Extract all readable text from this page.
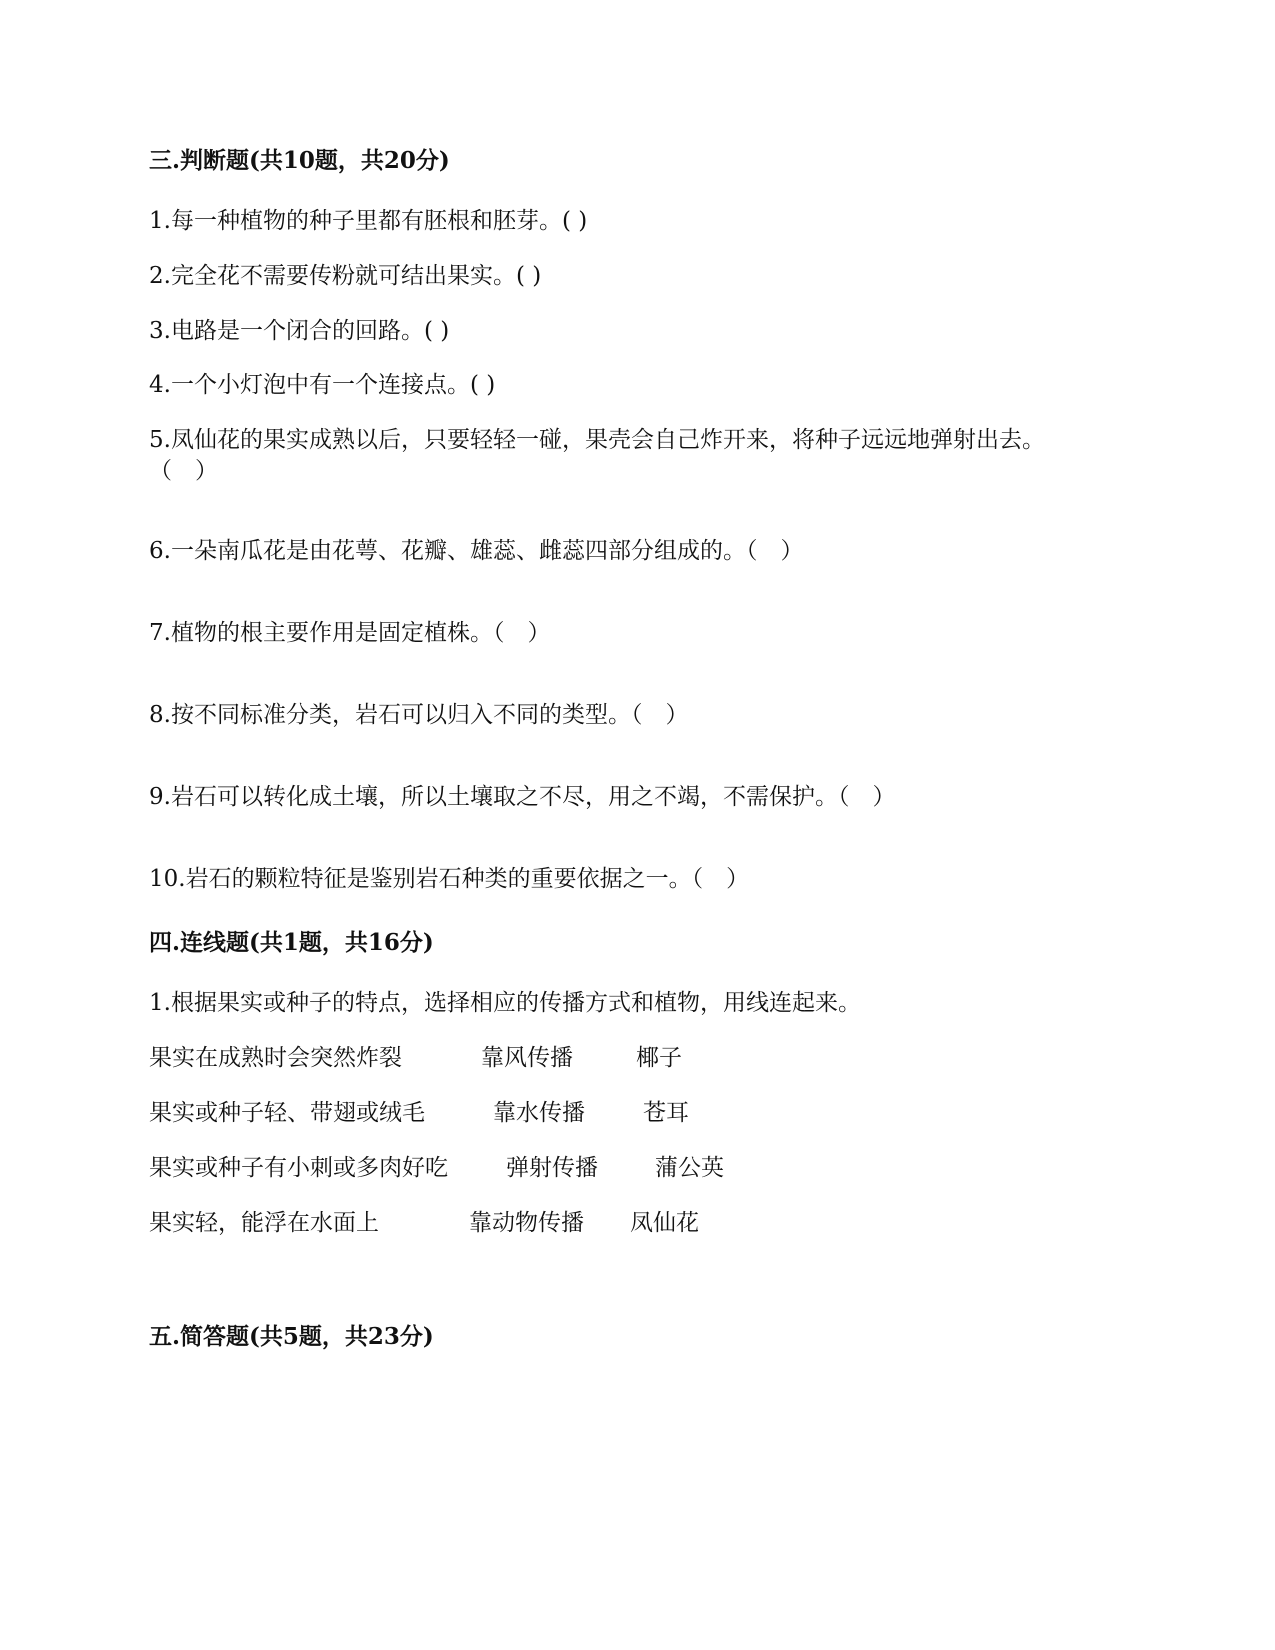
三.判断题(共10题，共20分)
1.每一种植物的种子里都有胚根和胚芽。( )
2.完全花不需要传粉就可结出果实。( )
3.电路是一个闭合的回路。( )
4.一个小灯泡中有一个连接点。( )
5.凤仙花的果实成熟以后，只要轻轻一碰，果壳会自己炸开来，将种子远远地弹射出去。
（　）
6.一朵南瓜花是由花萼、花瓣、雄蕊、雌蕊四部分组成的。（　）
7.植物的根主要作用是固定植株。（　）
8.按不同标准分类，岩石可以归入不同的类型。（　）
9.岩石可以转化成土壤，所以土壤取之不尽，用之不竭，不需保护。（　）
10.岩石的颗粒特征是鉴别岩石种类的重要依据之一。（　）
四.连线题(共1题，共16分)
1.根据果实或种子的特点，选择相应的传播方式和植物，用线连起来。
果实在成熟时会突然炸裂	靠风传播	椰子
果实或种子轻、带翅或绒毛	靠水传播	苍耳
果实或种子有小刺或多肉好吃	弹射传播 蒲公英
果实轻，能浮在水面上	靠动物传播 凤仙花
五.简答题(共5题，共23分)
